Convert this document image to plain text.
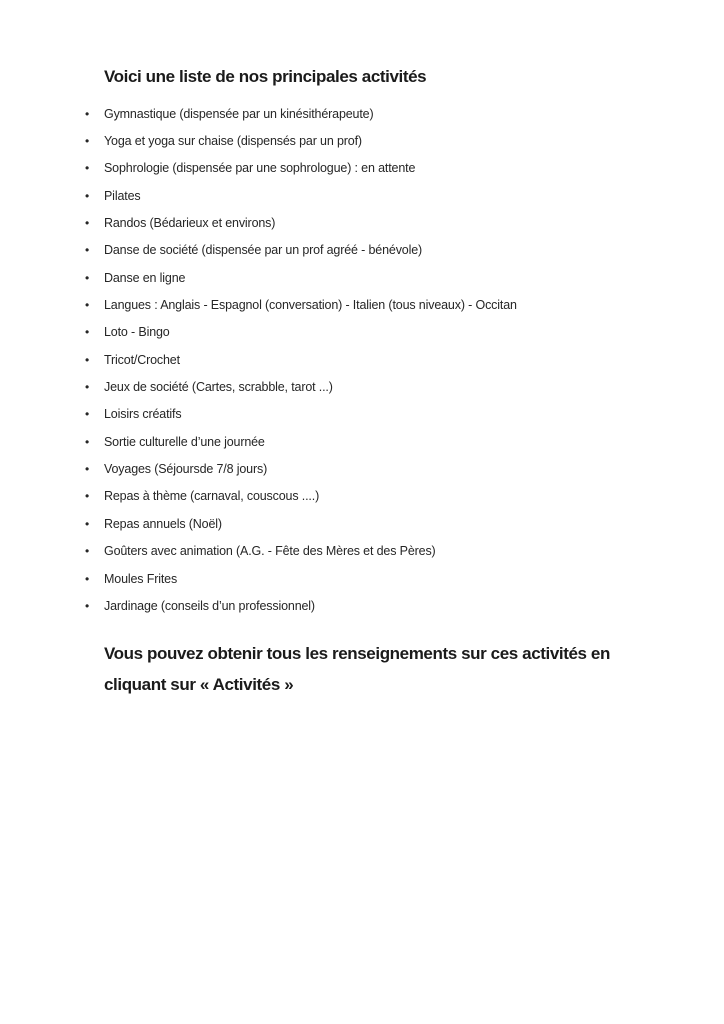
Voici une liste de nos principales activités
•	Gymnastique (dispensée par un kinésithérapeute)
•	Yoga et yoga sur chaise (dispensés par un prof)
•	Sophrologie (dispensée par une sophrologue) : en attente
•	Pilates
•	Randos (Bédarieux et environs)
•	Danse de société (dispensée par un prof agréé - bénévole)
•	Danse en ligne
•	Langues : Anglais - Espagnol (conversation) - Italien (tous niveaux) - Occitan
•	Loto - Bingo
•	Tricot/Crochet
•	Jeux de société (Cartes, scrabble, tarot ...)
•	Loisirs créatifs
•	Sortie culturelle d’une journée
•	Voyages (Séjoursde 7/8 jours)
•	Repas à thème (carnaval, couscous ....)
•	Repas annuels (Noël)
•	Goûters avec animation (A.G. - Fête des Mères et des Pères)
•	Moules Frites
•	Jardinage (conseils d’un professionnel)

Vous pouvez obtenir tous les renseignements sur ces activités en
cliquant sur « Activités »
